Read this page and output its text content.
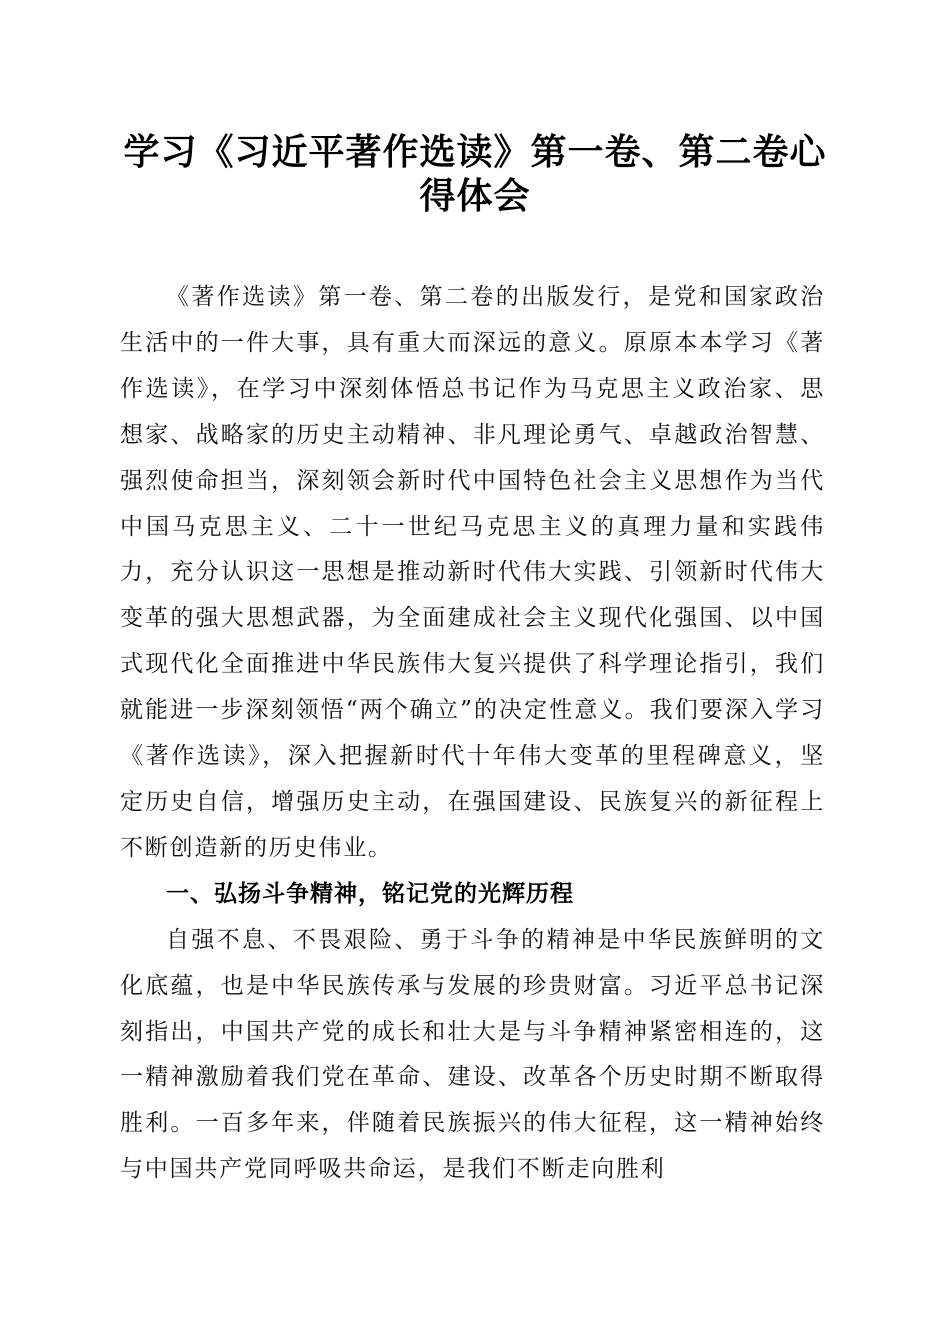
学习《习近平著作选读》第一卷、第二卷心得体会

《著作选读》第一卷、第二卷的出版发行，是党和国家政治生活中的一件大事，具有重大而深远的意义。原原本本学习《著作选读》，在学习中深刻体悟总书记作为马克思主义政治家、思想家、战略家的历史主动精神、非凡理论勇气、卓越政治智慧、强烈使命担当，深刻领会新时代中国特色社会主义思想作为当代中国马克思主义、二十一世纪马克思主义的真理力量和实践伟力，充分认识这一思想是推动新时代伟大实践、引领新时代伟大变革的强大思想武器，为全面建成社会主义现代化强国、以中国式现代化全面推进中华民族伟大复兴提供了科学理论指引，我们就能进一步深刻领悟“两个确立”的决定性意义。我们要深入学习《著作选读》，深入把握新时代十年伟大变革的里程碑意义，坚定历史自信，增强历史主动，在强国建设、民族复兴的新征程上不断创造新的历史伟业。

一、弘扬斗争精神，铭记党的光辉历程

自强不息、不畏艰险、勇于斗争的精神是中华民族鲜明的文化底蕴，也是中华民族传承与发展的珍贵财富。习近平总书记深刻指出，中国共产党的成长和壮大是与斗争精神紧密相连的，这一精神激励着我们党在革命、建设、改革各个历史时期不断取得胜利。一百多年来，伴随着民族振兴的伟大征程，这一精神始终与中国共产党同呼吸共命运，是我们不断走向胜利
